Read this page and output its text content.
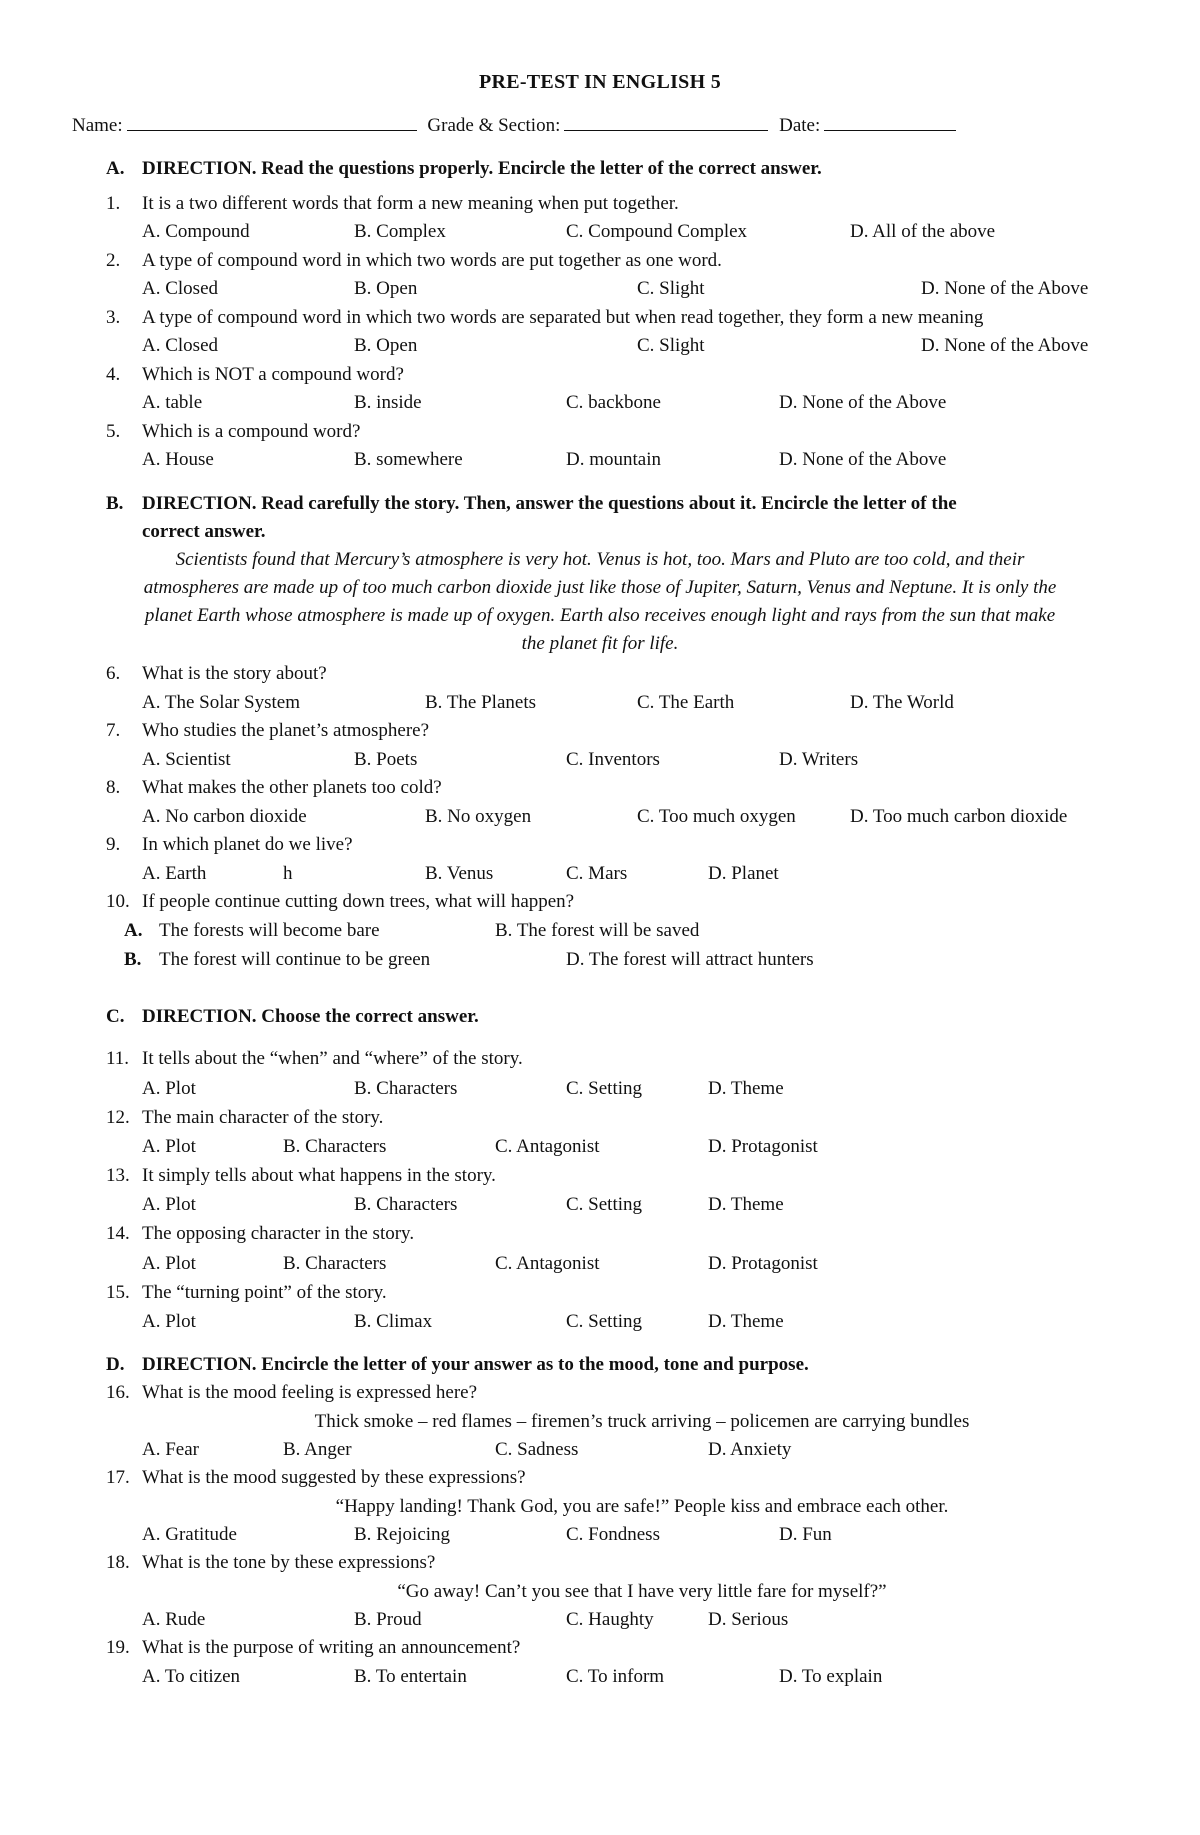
PRE-TEST IN ENGLISH 5
Name:	Grade & Section:	Date:
A. DIRECTION. Read the questions properly. Encircle the letter of the correct answer.
1. It is a two different words that form a new meaning when put together.
A. Compound	B. Complex	C. Compound Complex	D. All of the above
2. A type of compound word in which two words are put together as one word.
A. Closed	B. Open	C. Slight	D. None of the Above
3. A type of compound word in which two words are separated but when read together, they form a new meaning
A. Closed	B. Open	C. Slight	D. None of the Above
4. Which is NOT a compound word?
A. table	B. inside	C. backbone	D. None of the Above
5. Which is a compound word?
A. House	B. somewhere	D. mountain	D. None of the Above
B. DIRECTION. Read carefully the story. Then, answer the questions about it. Encircle the letter of the
correct answer.
Scientists found that Mercury’s atmosphere is very hot. Venus is hot, too. Mars and Pluto are too cold, and their
atmospheres are made up of too much carbon dioxide just like those of Jupiter, Saturn, Venus and Neptune. It is only the
planet Earth whose atmosphere is made up of oxygen. Earth also receives enough light and rays from the sun that make
the planet fit for life.
6. What is the story about?
A. The Solar System	B. The Planets	C. The Earth	D. The World
7. Who studies the planet’s atmosphere?
A. Scientist	B. Poets	C. Inventors	D. Writers
8. What makes the other planets too cold?
A. No carbon dioxide	B. No oxygen	C. Too much oxygen	D. Too much carbon dioxide
9. In which planet do we live?
A. Earth	h	B. Venus	C. Mars	D. Planet
10. If people continue cutting down trees, what will happen?
A. The forests will become bare	B. The forest will be saved
B. The forest will continue to be green	D. The forest will attract hunters
C. DIRECTION. Choose the correct answer.
11. It tells about the “when” and “where” of the story.
A. Plot	B. Characters	C. Setting	D. Theme
12. The main character of the story.
A. Plot	B. Characters	C. Antagonist	D. Protagonist
13. It simply tells about what happens in the story.
A. Plot	B. Characters	C. Setting	D. Theme
14. The opposing character in the story.
A. Plot	B. Characters	C. Antagonist	D. Protagonist
15. The “turning point” of the story.
A. Plot	B. Climax	C. Setting	D. Theme
D. DIRECTION. Encircle the letter of your answer as to the mood, tone and purpose.
16. What is the mood feeling is expressed here?
Thick smoke – red flames – firemen’s truck arriving – policemen are carrying bundles
A. Fear	B. Anger	C. Sadness	D. Anxiety
17. What is the mood suggested by these expressions?
“Happy landing! Thank God, you are safe!” People kiss and embrace each other.
A. Gratitude	B. Rejoicing	C. Fondness	D. Fun
18. What is the tone by these expressions?
“Go away! Can’t you see that I have very little fare for myself?”
A. Rude	B. Proud	C. Haughty	D. Serious
19. What is the purpose of writing an announcement?
A. To citizen	B. To entertain	C. To inform	D. To explain
